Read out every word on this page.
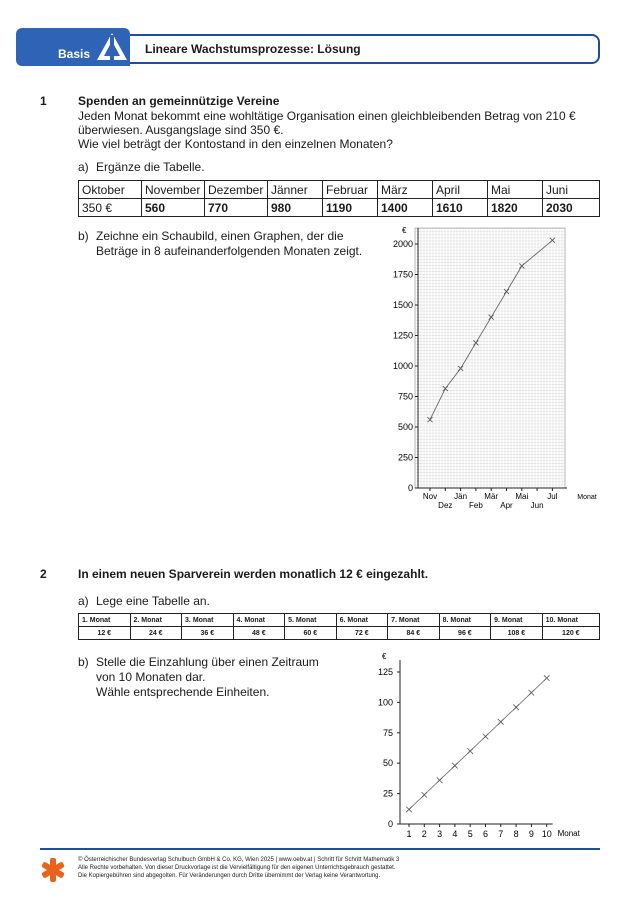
Basis	Lineare Wachstumsprozesse: Lösung
1	Spenden an gemeinnützige Vereine
Jeden Monat bekommt eine wohltätige Organisation einen gleichbleibenden Betrag von 210 €
überwiesen. Ausgangslage sind 350 €.
Wie viel beträgt der Kontostand in den einzelnen Monaten?
a) Ergänze die Tabelle.
Oktober	November	Dezember	Jänner	Februar	März	April	Mai	Juni
350 €	560	770	980	1190	1400	1610	1820	2030
b) Zeichne ein Schaubild, einen Graphen, der die
Beträge in 8 aufeinanderfolgenden Monaten zeigt.
€
0
250
500
750
1000
1250
1500
1750
2000
Nov
Dez
Jän
Feb
Mär
Apr
Mai
Jun
Jul	Monat
2	In einem neuen Sparverein werden monatlich 12 € eingezahlt.
a) Lege eine Tabelle an.
1. Monat	2. Monat	3. Monat	4. Monat	5. Monat	6. Monat	7. Monat	8. Monat	9. Monat	10. Monat
12 €	24 €	36 €	48 €	60 €	72 €	84 €	96 €	108 €	120 €
b) Stelle die Einzahlung über einen Zeitraum
von 10 Monaten dar.
Wähle entsprechende Einheiten.
€
0
25
50
75
100
125
1 2 3 4 5 6 7 8 9 10 Monat
© Österreichischer Bundesverlag Schulbuch GmbH & Co. KG, Wien 2025 | www.oebv.at | Schritt für Schritt Mathematik 3
Alle Rechte vorbehalten. Von dieser Druckvorlage ist die Vervielfältigung für den eigenen Unterrichtsgebrauch gestattet.
Die Kopiergebühren sind abgegolten. Für Veränderungen durch Dritte übernimmt der Verlag keine Verantwortung.
